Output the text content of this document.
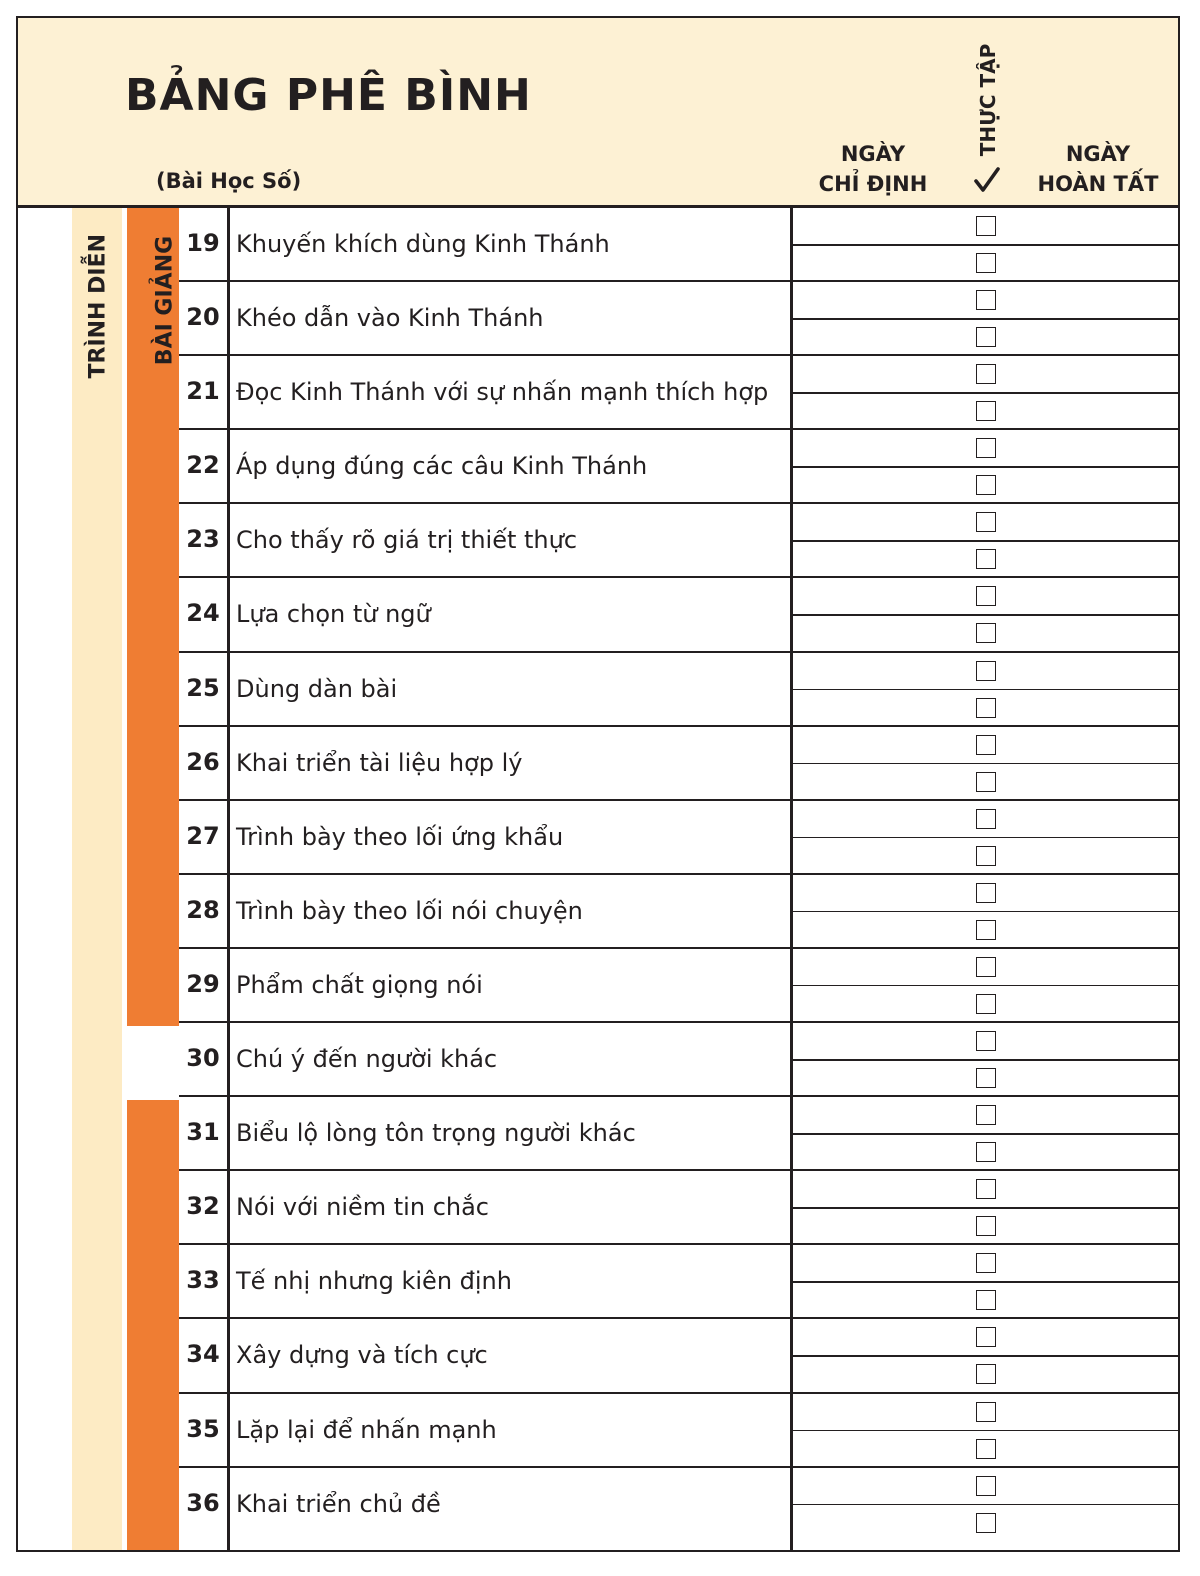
BẢNG PHÊ BÌNH
(Bài Học Số)
NGÀY
CHỈ ĐỊNH
THỰC TẬP	NGÀY
HOÀN TẤT
TRÌNH DIỄN BÀI GIẢNG 19 Khuyến khích dùng Kinh Thánh
20 Khéo dẫn vào Kinh Thánh
21 Đọc Kinh Thánh với sự nhấn mạnh thích hợp
22 Áp dụng đúng các câu Kinh Thánh
23 Cho thấy rõ giá trị thiết thực
24 Lựa chọn từ ngữ
25 Dùng dàn bài
26 Khai triển tài liệu hợp lý
27 Trình bày theo lối ứng khẩu
28 Trình bày theo lối nói chuyện
29 Phẩm chất giọng nói
30 Chú ý đến người khác
31 Biểu lộ lòng tôn trọng người khác
32 Nói với niềm tin chắc
33 Tế nhị nhưng kiên định
34 Xây dựng và tích cực
35 Lặp lại để nhấn mạnh
36 Khai triển chủ đề
